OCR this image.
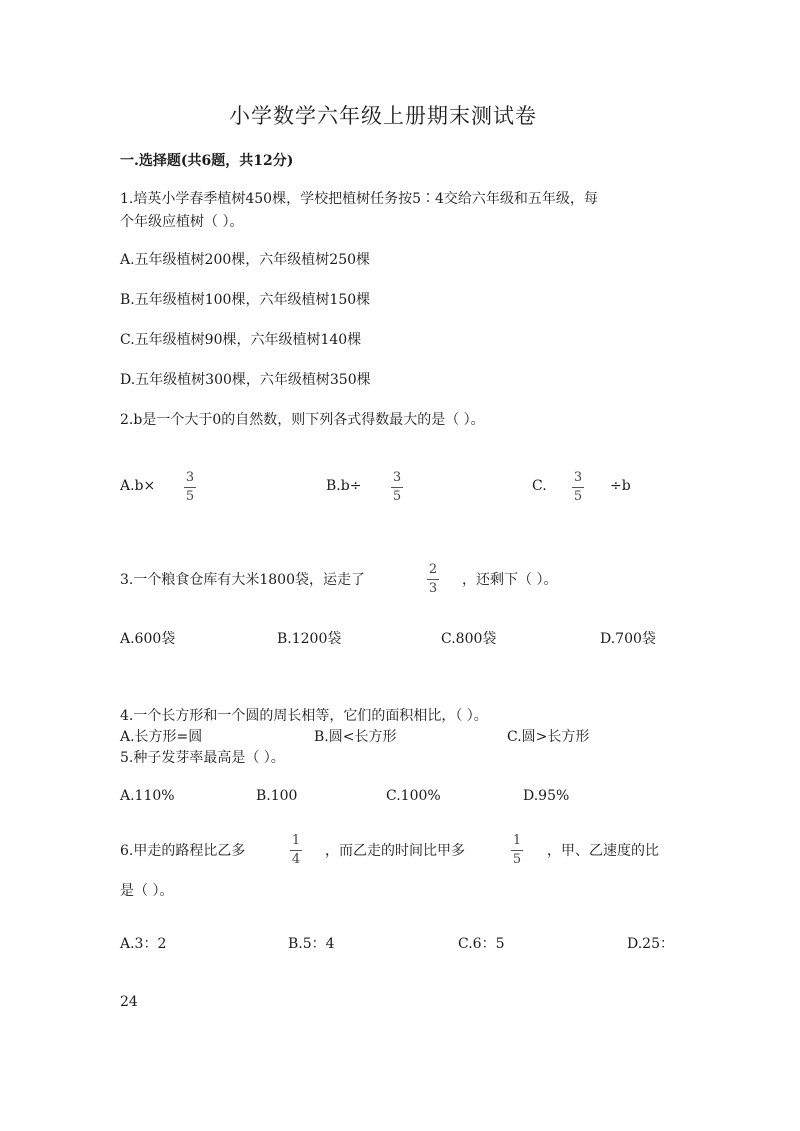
小学数学六年级上册期末测试卷
一.选择题(共6题，共12分)
1.培英小学春季植树450棵，学校把植树任务按5∶4交给六年级和五年级，每
个年级应植树（ ）。
A.五年级植树200棵，六年级植树250棵
B.五年级植树100棵，六年级植树150棵
C.五年级植树90棵，六年级植树140棵
D.五年级植树300棵，六年级植树350棵
2.b是一个大于0的自然数，则下列各式得数最大的是（ ）。
A.b×
3
5
B.b÷
3
5
C.
3
5
÷b
3.一个粮食仓库有大米1800袋，运走了
2
3
，还剩下（ ）。
A.600袋	B.1200袋	C.800袋	D.700袋
4.一个长方形和一个圆的周长相等，它们的面积相比，（ ）。
A.长方形=圆	B.圆<长方形	C.圆>长方形
5.种子发芽率最高是（ ）。
A.110%	B.100	C.100%	D.95%
6.甲走的路程比乙多
1
4
，而乙走的时间比甲多
1
5
，甲、乙速度的比
是（ ）。
A.3：2	B.5：4	C.6：5	D.25：
24
